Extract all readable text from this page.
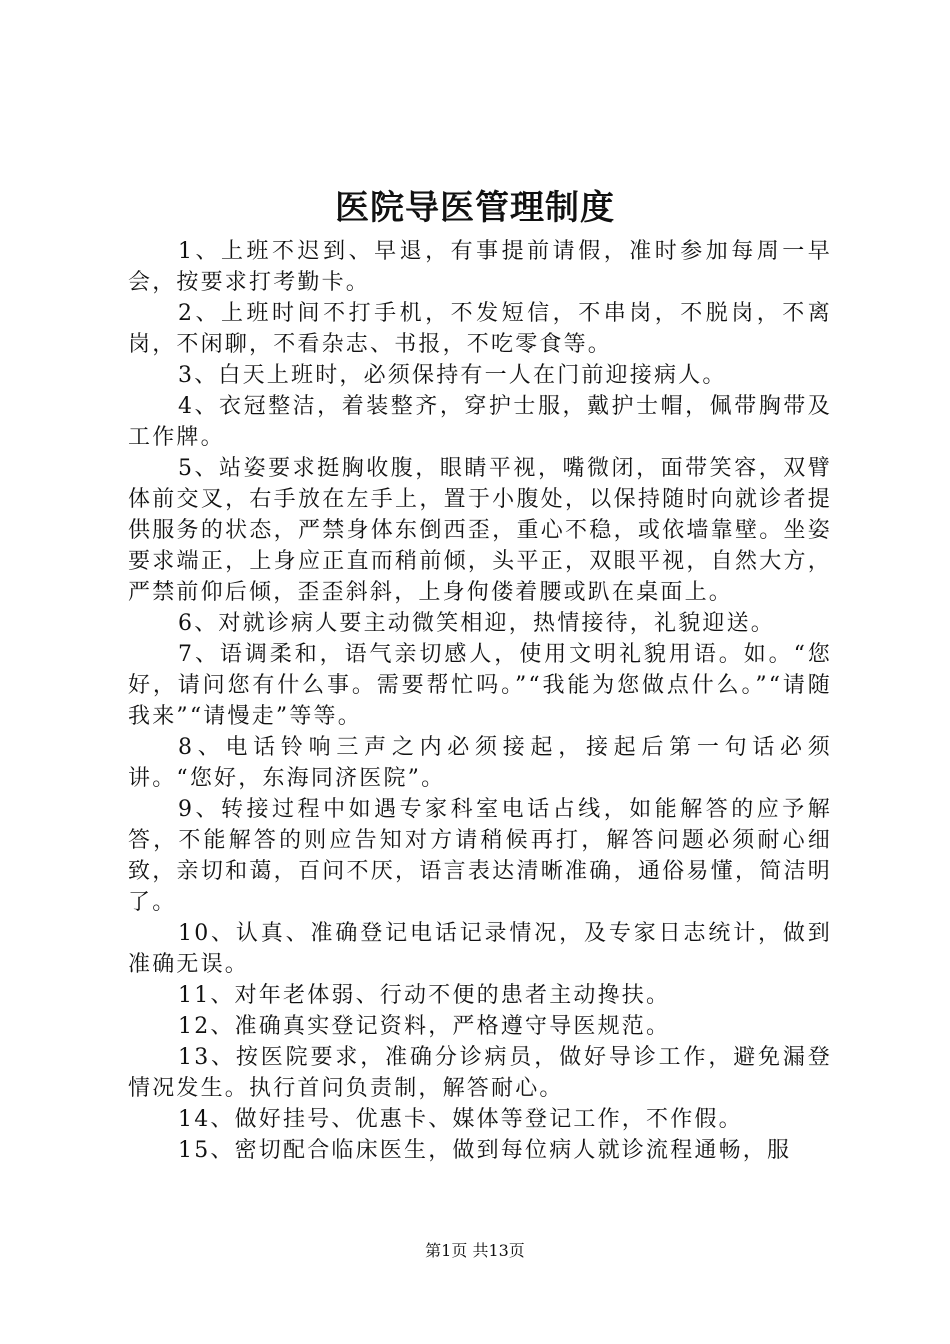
医院导医管理制度

1、上班不迟到、早退，有事提前请假，准时参加每周一早会，按要求打考勤卡。

2、上班时间不打手机，不发短信，不串岗，不脱岗，不离岗，不闲聊，不看杂志、书报，不吃零食等。

3、白天上班时，必须保持有一人在门前迎接病人。

4、衣冠整洁，着装整齐，穿护士服，戴护士帽，佩带胸带及工作牌。

5、站姿要求挺胸收腹，眼睛平视，嘴微闭，面带笑容，双臂体前交叉，右手放在左手上，置于小腹处，以保持随时向就诊者提供服务的状态，严禁身体东倒西歪，重心不稳，或依墙靠壁。坐姿要求端正，上身应正直而稍前倾，头平正，双眼平视，自然大方，严禁前仰后倾，歪歪斜斜，上身佝偻着腰或趴在桌面上。

6、对就诊病人要主动微笑相迎，热情接待，礼貌迎送。

7、语调柔和，语气亲切感人，使用文明礼貌用语。如。“您好，请问您有什么事。需要帮忙吗。”“我能为您做点什么。”“请随我来”“请慢走”等等。

8、电话铃响三声之内必须接起，接起后第一句话必须讲。“您好，东海同济医院”。

9、转接过程中如遇专家科室电话占线，如能解答的应予解答，不能解答的则应告知对方请稍候再打，解答问题必须耐心细致，亲切和蔼，百问不厌，语言表达清晰准确，通俗易懂，简洁明了。

10、认真、准确登记电话记录情况，及专家日志统计，做到准确无误。

11、对年老体弱、行动不便的患者主动搀扶。

12、准确真实登记资料，严格遵守导医规范。

13、按医院要求，准确分诊病员，做好导诊工作，避免漏登情况发生。执行首问负责制，解答耐心。

14、做好挂号、优惠卡、媒体等登记工作，不作假。

15、密切配合临床医生，做到每位病人就诊流程通畅，服

第1页 共13页
